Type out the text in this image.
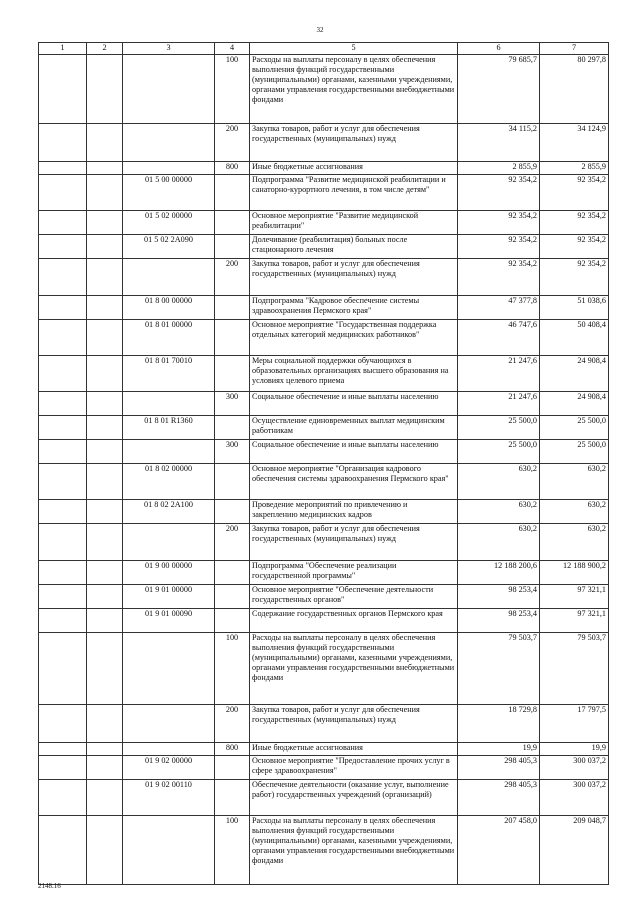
32
1	2	3	4	5	6	7
			100	Расходы на выплаты персоналу в целях обеспечения выполнения функций государственными (муниципальными) органами, казенными учреждениями, органами управления государственными внебюджетными фондами	79 685,7	80 297,8
			200	Закупка товаров, работ и услуг для обеспечения государственных (муниципальных) нужд	34 115,2	34 124,9
			800	Иные бюджетные ассигнования	2 855,9	2 855,9
		01 5 00 00000		Подпрограмма "Развитие медицинской реабилитации и санаторно-курортного лечения, в том числе детям"	92 354,2	92 354,2
		01 5 02 00000		Основное мероприятие "Развитие медицинской реабилитации"	92 354,2	92 354,2
		01 5 02 2А090		Долечивание (реабилитация) больных после стационарного лечения	92 354,2	92 354,2
			200	Закупка товаров, работ и услуг для обеспечения государственных (муниципальных) нужд	92 354,2	92 354,2
		01 8 00 00000		Подпрограмма "Кадровое обеспечение системы здравоохранения Пермского края"	47 377,8	51 038,6
		01 8 01 00000		Основное мероприятие "Государственная поддержка отдельных категорий медицинских работников"	46 747,6	50 408,4
		01 8 01 70010		Меры социальной поддержки обучающихся в образовательных организациях высшего образования на условиях целевого приема	21 247,6	24 908,4
			300	Социальное обеспечение и иные выплаты населению	21 247,6	24 908,4
		01 8 01 R1360		Осуществление единовременных выплат медицинским работникам	25 500,0	25 500,0
			300	Социальное обеспечение и иные выплаты населению	25 500,0	25 500,0
		01 8 02 00000		Основное мероприятие "Организация кадрового обеспечения системы здравоохранения Пермского края"	630,2	630,2
		01 8 02 2А100		Проведение мероприятий по привлечению и закреплению медицинских кадров	630,2	630,2
			200	Закупка товаров, работ и услуг для обеспечения государственных (муниципальных) нужд	630,2	630,2
		01 9 00 00000		Подпрограмма "Обеспечение реализации государственной программы"	12 188 200,6	12 188 900,2
		01 9 01 00000		Основное мероприятие "Обеспечение деятельности государственных органов"	98 253,4	97 321,1
		01 9 01 00090		Содержание государственных органов Пермского края	98 253,4	97 321,1
			100	Расходы на выплаты персоналу в целях обеспечения выполнения функций государственными (муниципальными) органами, казенными учреждениями, органами управления государственными внебюджетными фондами	79 503,7	79 503,7
			200	Закупка товаров, работ и услуг для обеспечения государственных (муниципальных) нужд	18 729,8	17 797,5
			800	Иные бюджетные ассигнования	19,9	19,9
		01 9 02 00000		Основное мероприятие "Предоставление прочих услуг в сфере здравоохранения"	298 405,3	300 037,2
		01 9 02 00110		Обеспечение деятельности (оказание услуг, выполнение работ) государственных учреждений (организаций)	298 405,3	300 037,2
			100	Расходы на выплаты персоналу в целях обеспечения выполнения функций государственными (муниципальными) органами, казенными учреждениями, органами управления государственными внебюджетными фондами	207 458,0	209 048,7
2148.16
